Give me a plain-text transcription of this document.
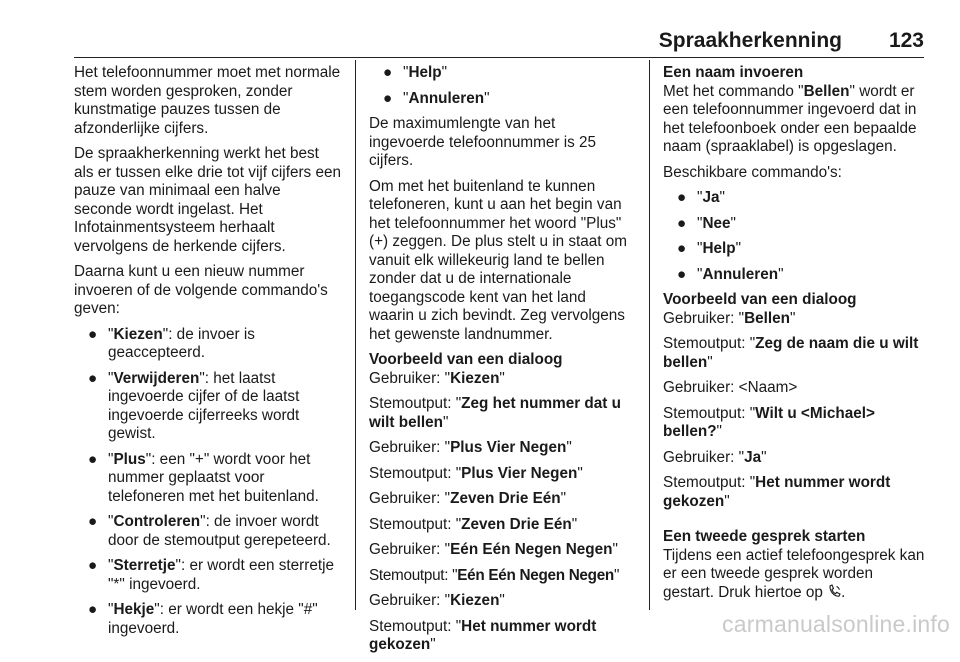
Spraakherkenning 123

Het telefoonnummer moet met normale stem worden gesproken, zonder kunstmatige pauzes tussen de afzonderlijke cijfers.

De spraakherkenning werkt het best als er tussen elke drie tot vijf cijfers een pauze van minimaal een halve seconde wordt ingelast. Het Infotainmentsysteem herhaalt vervolgens de herkende cijfers.

Daarna kunt u een nieuw nummer invoeren of de volgende commando's geven:

● "Kiezen": de invoer is geaccepteerd.
● "Verwijderen": het laatst ingevoerde cijfer of de laatst ingevoerde cijferreeks wordt gewist.
● "Plus": een "+" wordt voor het nummer geplaatst voor telefoneren met het buitenland.
● "Controleren": de invoer wordt door de stemoutput gerepeteerd.
● "Sterretje": er wordt een sterretje "*" ingevoerd.
● "Hekje": er wordt een hekje "#" ingevoerd.
● "Help"
● "Annuleren"

De maximumlengte van het ingevoerde telefoonnummer is 25 cijfers.

Om met het buitenland te kunnen telefoneren, kunt u aan het begin van het telefoonnummer het woord "Plus" (+) zeggen. De plus stelt u in staat om vanuit elk willekeurig land te bellen zonder dat u de internationale toegangscode kent van het land waarin u zich bevindt. Zeg vervolgens het gewenste landnummer.

Voorbeeld van een dialoog

Gebruiker: "Kiezen"

Stemoutput: "Zeg het nummer dat u wilt bellen"

Gebruiker: "Plus Vier Negen"

Stemoutput: "Plus Vier Negen"

Gebruiker: "Zeven Drie Eén"

Stemoutput: "Zeven Drie Eén"

Gebruiker: "Eén Eén Negen Negen"

Stemoutput: "Eén Eén Negen Negen"

Gebruiker: "Kiezen"

Stemoutput: "Het nummer wordt gekozen"

Een naam invoeren

Met het commando "Bellen" wordt er een telefoonnummer ingevoerd dat in het telefoonboek onder een bepaalde naam (spraaklabel) is opgeslagen.

Beschikbare commando's:

● "Ja"
● "Nee"
● "Help"
● "Annuleren"
Voorbeeld van een dialoog

Gebruiker: "Bellen"

Stemoutput: "Zeg de naam die u wilt bellen"

Gebruiker: <Naam>

Stemoutput: "Wilt u <Michael> bellen?"

Gebruiker: "Ja"

Stemoutput: "Het nummer wordt gekozen"

Een tweede gesprek starten

Tijdens een actief telefoongesprek kan er een tweede gesprek worden gestart. Druk hiertoe op .

carmanualsonline.info
